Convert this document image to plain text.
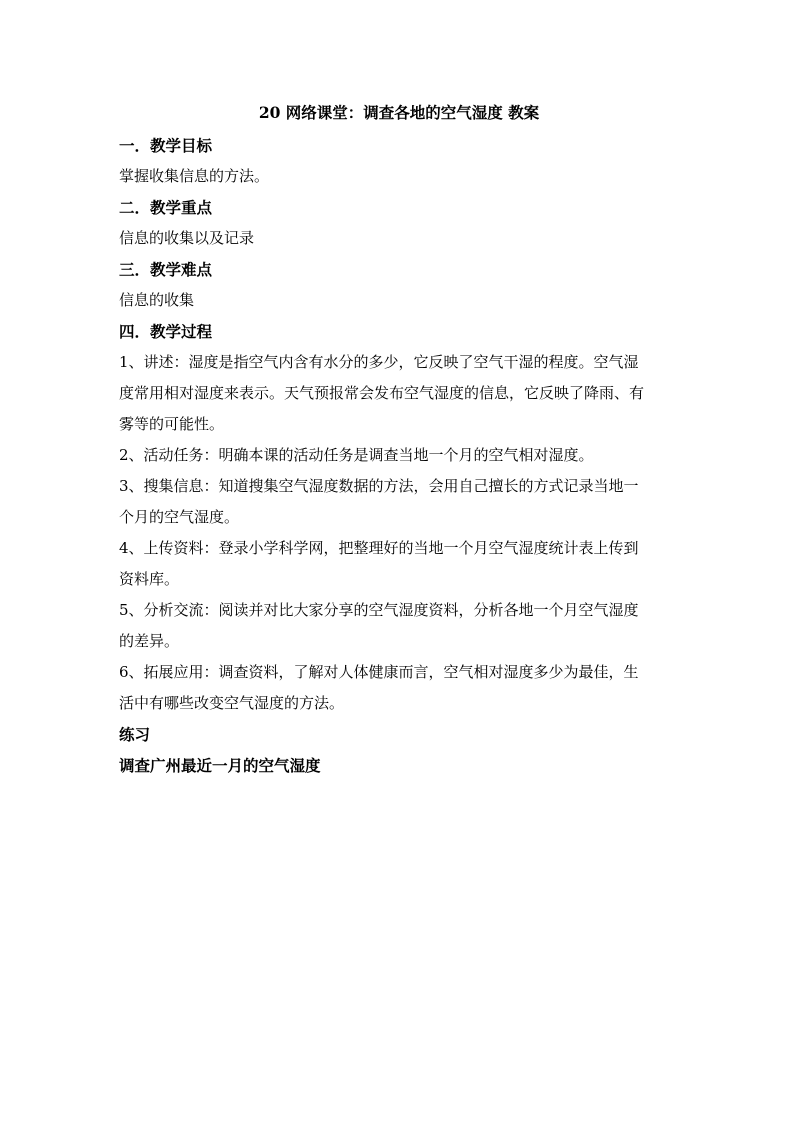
20 网络课堂：调查各地的空气湿度 教案
一．教学目标
掌握收集信息的方法。
二．教学重点
信息的收集以及记录
三．教学难点
信息的收集
四．教学过程
1、讲述：湿度是指空气内含有水分的多少，它反映了空气干湿的程度。空气湿
度常用相对湿度来表示。天气预报常会发布空气湿度的信息，它反映了降雨、有
雾等的可能性。
2、活动任务：明确本课的活动任务是调查当地一个月的空气相对湿度。
3、搜集信息：知道搜集空气湿度数据的方法，会用自己擅长的方式记录当地一
个月的空气湿度。
4、上传资料：登录小学科学网，把整理好的当地一个月空气湿度统计表上传到
资料库。
5、分析交流：阅读并对比大家分享的空气湿度资料，分析各地一个月空气湿度
的差异。
6、拓展应用：调查资料，了解对人体健康而言，空气相对湿度多少为最佳，生
活中有哪些改变空气湿度的方法。
练习
调查广州最近一月的空气湿度
